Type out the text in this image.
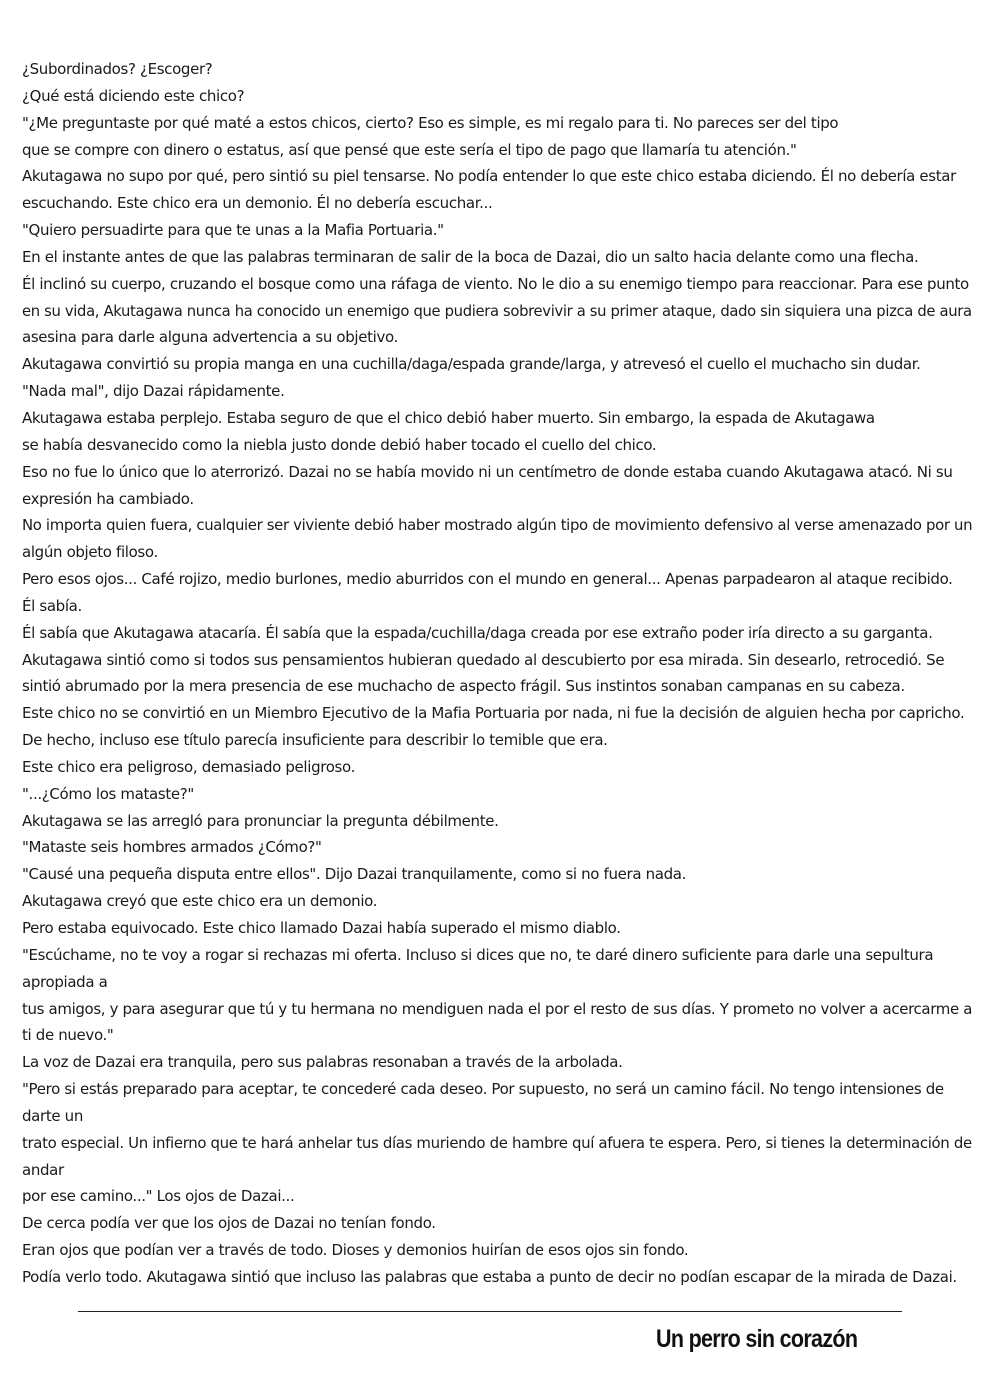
¿Subordinados? ¿Escoger?
¿Qué está diciendo este chico?
"¿Me preguntaste por qué maté a estos chicos, cierto? Eso es simple, es mi regalo para ti. No pareces ser del tipo
que se compre con dinero o estatus, así que pensé que este sería el tipo de pago que llamaría tu atención."
Akutagawa no supo por qué, pero sintió su piel tensarse. No podía entender lo que este chico estaba diciendo. Él no debería estar
escuchando. Este chico era un demonio. Él no debería escuchar...
"Quiero persuadirte para que te unas a la Mafia Portuaria."
En el instante antes de que las palabras terminaran de salir de la boca de Dazai, dio un salto hacia delante como una flecha.
Él inclinó su cuerpo, cruzando el bosque como una ráfaga de viento. No le dio a su enemigo tiempo para reaccionar. Para ese punto
en su vida, Akutagawa nunca ha conocido un enemigo que pudiera sobrevivir a su primer ataque, dado sin siquiera una pizca de aura
asesina para darle alguna advertencia a su objetivo.
Akutagawa convirtió su propia manga en una cuchilla/daga/espada grande/larga, y atrevesó el cuello el muchacho sin dudar.
"Nada mal", dijo Dazai rápidamente.
Akutagawa estaba perplejo. Estaba seguro de que el chico debió haber muerto. Sin embargo, la espada de Akutagawa
se había desvanecido como la niebla justo donde debió haber tocado el cuello del chico.
Eso no fue lo único que lo aterrorizó. Dazai no se había movido ni un centímetro de donde estaba cuando Akutagawa atacó. Ni su
expresión ha cambiado.
No importa quien fuera, cualquier ser viviente debió haber mostrado algún tipo de movimiento defensivo al verse amenazado por un
algún objeto filoso.
Pero esos ojos... Café rojizo, medio burlones, medio aburridos con el mundo en general... Apenas parpadearon al ataque recibido.
Él sabía.
Él sabía que Akutagawa atacaría. Él sabía que la espada/cuchilla/daga creada por ese extraño poder iría directo a su garganta.
Akutagawa sintió como si todos sus pensamientos hubieran quedado al descubierto por esa mirada. Sin desearlo, retrocedió. Se
sintió abrumado por la mera presencia de ese muchacho de aspecto frágil. Sus instintos sonaban campanas en su cabeza.
Este chico no se convirtió en un Miembro Ejecutivo de la Mafia Portuaria por nada, ni fue la decisión de alguien hecha por capricho.
De hecho, incluso ese título parecía insuficiente para describir lo temible que era.
Este chico era peligroso, demasiado peligroso.
"...¿Cómo los mataste?"
Akutagawa se las arregló para pronunciar la pregunta débilmente.
"Mataste seis hombres armados ¿Cómo?"
"Causé una pequeña disputa entre ellos". Dijo Dazai tranquilamente, como si no fuera nada.
Akutagawa creyó que este chico era un demonio.
Pero estaba equivocado. Este chico llamado Dazai había superado el mismo diablo.
"Escúchame, no te voy a rogar si rechazas mi oferta. Incluso si dices que no, te daré dinero suficiente para darle una sepultura
apropiada a
tus amigos, y para asegurar que tú y tu hermana no mendiguen nada el por el resto de sus días. Y prometo no volver a acercarme a
ti de nuevo."
La voz de Dazai era tranquila, pero sus palabras resonaban a través de la arbolada.
"Pero si estás preparado para aceptar, te concederé cada deseo. Por supuesto, no será un camino fácil. No tengo intensiones de
darte un
trato especial. Un infierno que te hará anhelar tus días muriendo de hambre quí afuera te espera. Pero, si tienes la determinación de
andar
por ese camino..." Los ojos de Dazai...
De cerca podía ver que los ojos de Dazai no tenían fondo.
Eran ojos que podían ver a través de todo. Dioses y demonios huirían de esos ojos sin fondo.
Podía verlo todo. Akutagawa sintió que incluso las palabras que estaba a punto de decir no podían escapar de la mirada de Dazai.
Un perro sin corazón
